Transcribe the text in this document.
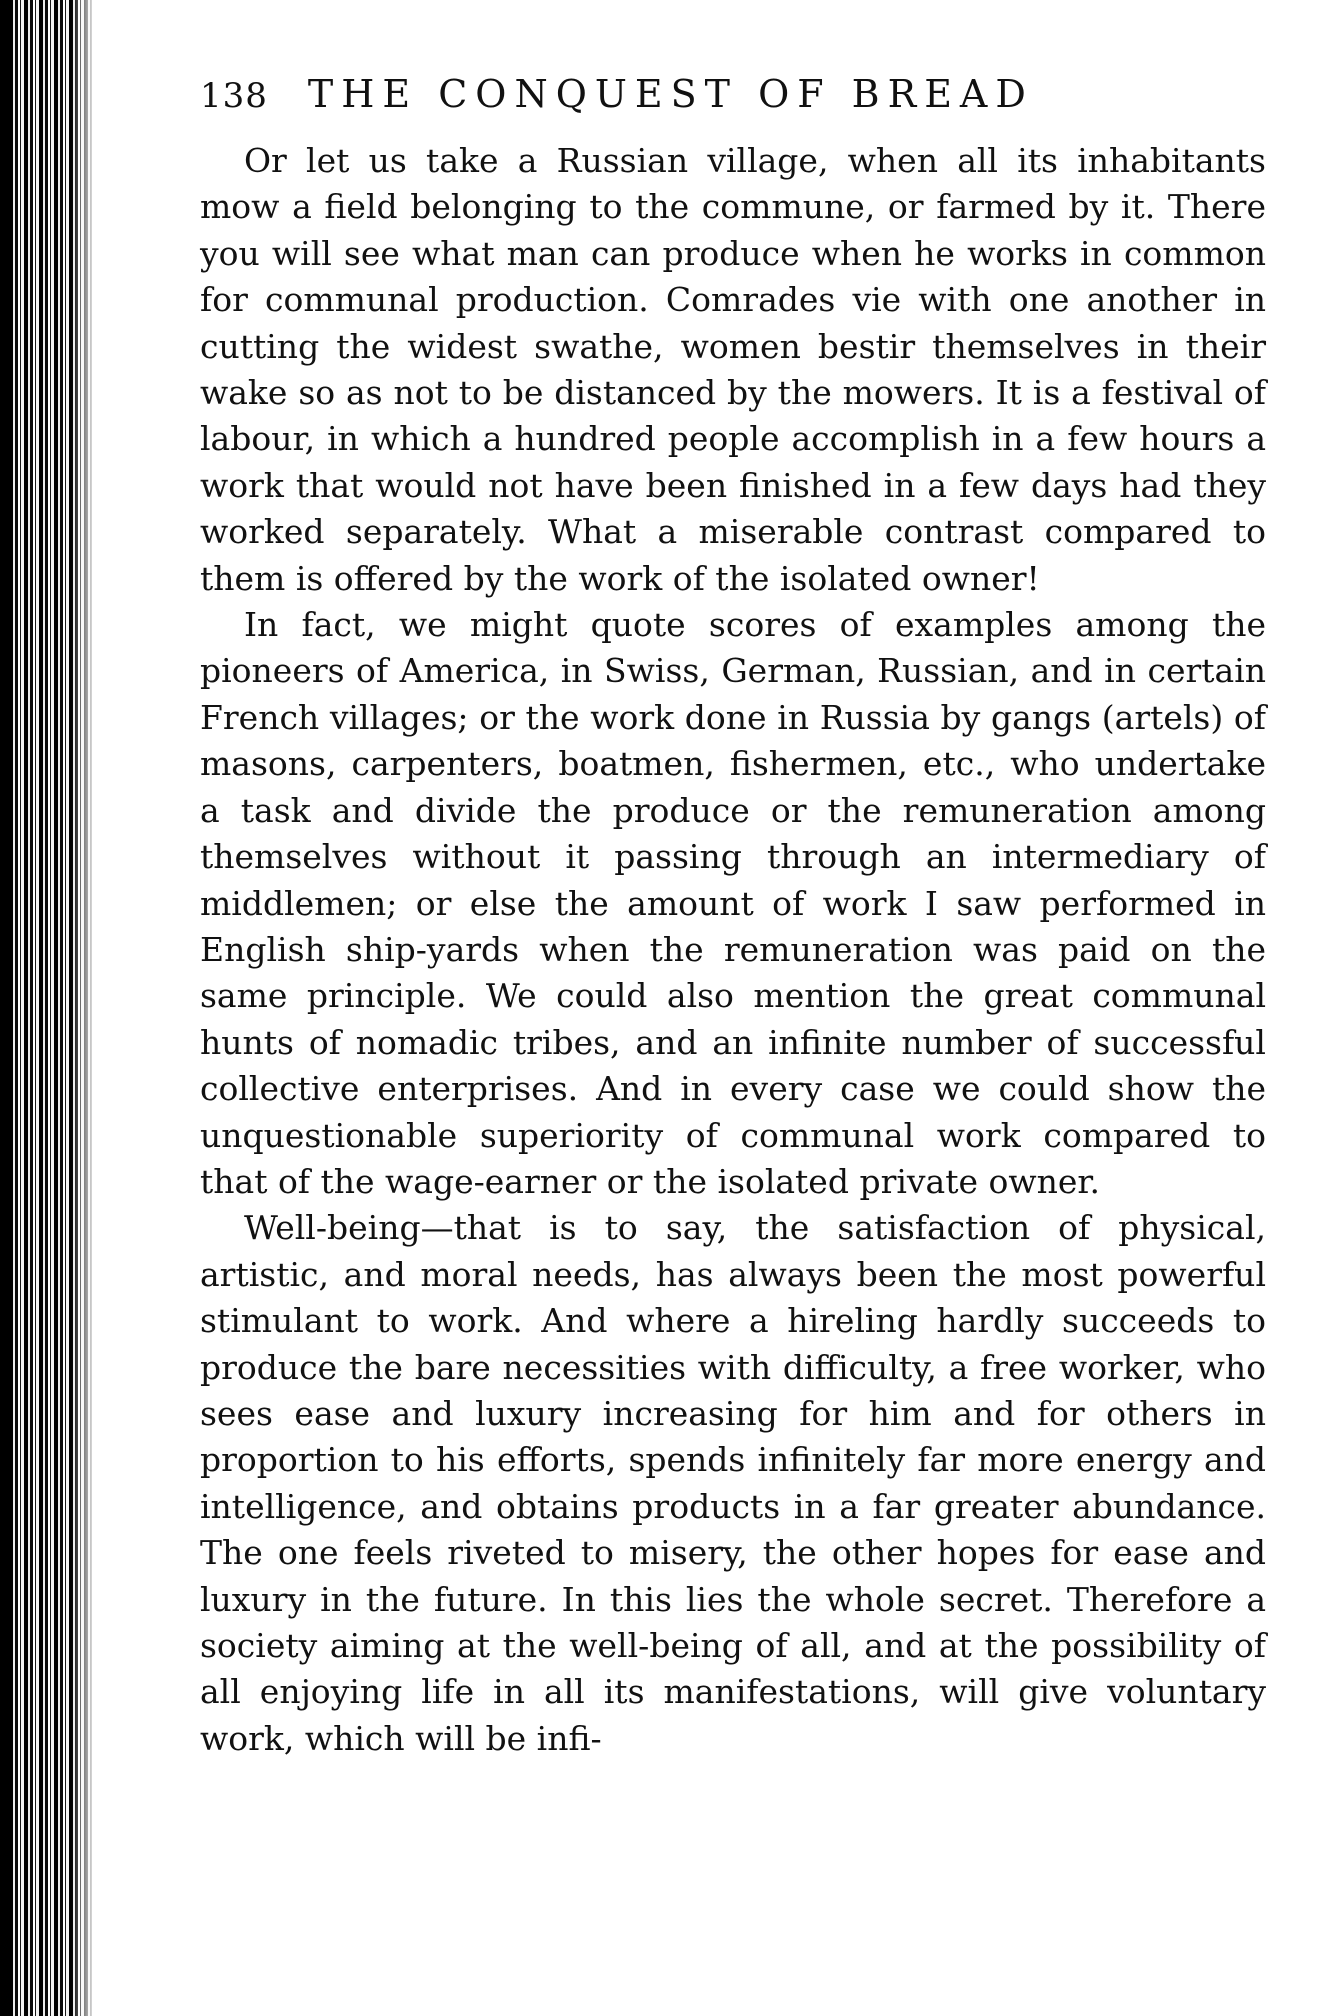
138 THE CONQUEST OF BREAD

Or let us take a Russian village, when all its inhabitants mow a field belonging to the commune, or farmed by it. There you will see what man can produce when he works in common for communal production. Comrades vie with one another in cutting the widest swathe, women bestir themselves in their wake so as not to be distanced by the mowers. It is a festival of labour, in which a hundred people accomplish in a few hours a work that would not have been finished in a few days had they worked separately. What a miserable contrast compared to them is offered by the work of the isolated owner!

In fact, we might quote scores of examples among the pioneers of America, in Swiss, German, Russian, and in certain French villages; or the work done in Russia by gangs (artels) of masons, carpenters, boatmen, fishermen, etc., who undertake a task and divide the produce or the remuneration among themselves without it passing through an intermediary of middlemen; or else the amount of work I saw performed in English ship-yards when the remuneration was paid on the same principle. We could also mention the great communal hunts of nomadic tribes, and an infinite number of successful collective enterprises. And in every case we could show the unquestionable superiority of communal work compared to that of the wage-earner or the isolated private owner.

Well-being—that is to say, the satisfaction of physical, artistic, and moral needs, has always been the most powerful stimulant to work. And where a hireling hardly succeeds to produce the bare necessities with difficulty, a free worker, who sees ease and luxury increasing for him and for others in proportion to his efforts, spends infinitely far more energy and intelligence, and obtains products in a far greater abundance. The one feels riveted to misery, the other hopes for ease and luxury in the future. In this lies the whole secret. Therefore a society aiming at the well-being of all, and at the possibility of all enjoying life in all its manifestations, will give voluntary work, which will be infi-
